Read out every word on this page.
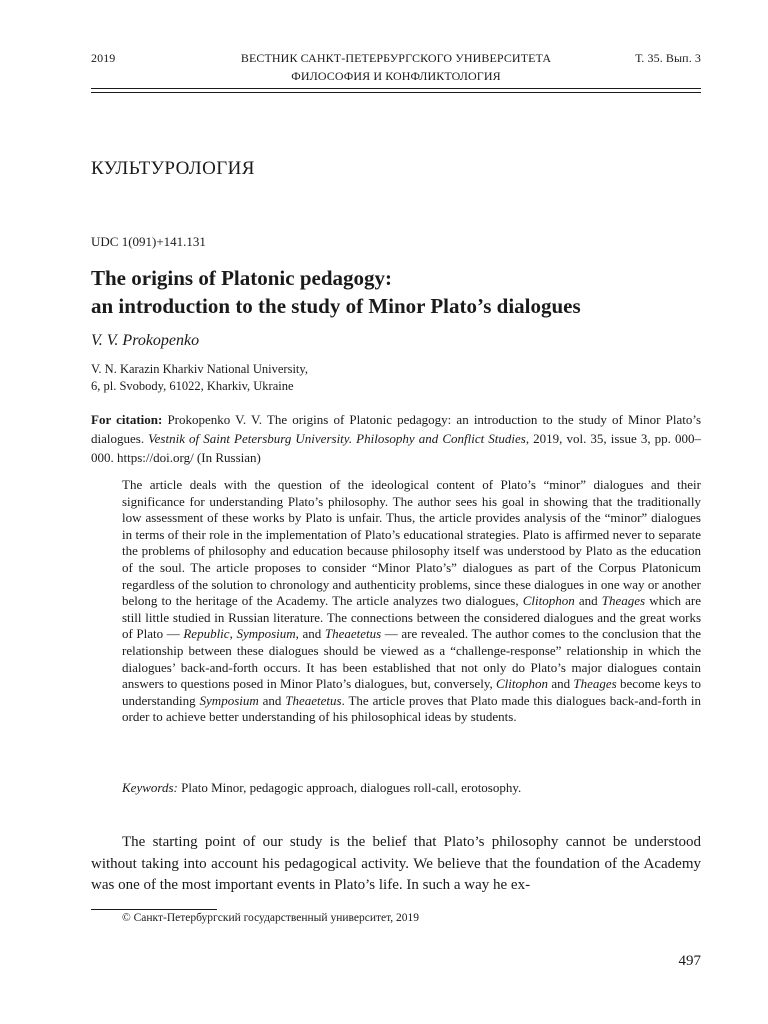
2019	ВЕСТНИК САНКТ-ПЕТЕРБУРГСКОГО УНИВЕРСИТЕТА	Т. 35. Вып. 3
ФИЛОСОФИЯ И КОНФЛИКТОЛОГИЯ
КУЛЬТУРОЛОГИЯ
UDC 1(091)+141.131
The origins of Platonic pedagogy:
an introduction to the study of Minor Plato’s dialogues
V. V. Prokopenko
V. N. Karazin Kharkiv National University,
6, pl. Svobody, 61022, Kharkiv, Ukraine
For citation: Prokopenko V. V. The origins of Platonic pedagogy: an introduction to the study of Minor Plato’s dialogues. Vestnik of Saint Petersburg University. Philosophy and Conflict Studies, 2019, vol. 35, issue 3, pp. 000–000. https://doi.org/ (In Russian)
The article deals with the question of the ideological content of Plato’s “minor” dialogues and their significance for understanding Plato’s philosophy. The author sees his goal in showing that the traditionally low assessment of these works by Plato is unfair. Thus, the article provides analysis of the “minor” dialogues in terms of their role in the implementation of Plato’s educational strategies. Plato is affirmed never to separate the problems of philosophy and education because philosophy itself was understood by Plato as the education of the soul. The article proposes to consider “Minor Plato’s” dialogues as part of the Corpus Platonicum regardless of the solution to chronology and authenticity problems, since these dialogues in one way or another belong to the heritage of the Academy. The article analyzes two dialogues, Clitophon and Theages which are still little studied in Russian literature. The connections between the considered dialogues and the great works of Plato — Republic, Symposium, and Theaetetus — are revealed. The author comes to the conclusion that the relationship between these dialogues should be viewed as a “challenge-response” relationship in which the dialogues’ back-and-forth occurs. It has been established that not only do Plato’s major dialogues contain answers to questions posed in Minor Plato’s dialogues, but, conversely, Clitophon and Theages become keys to understanding Symposium and Theaetetus. The article proves that Plato made this dialogues back-and-forth in order to achieve better understanding of his philosophical ideas by students.
Keywords: Plato Minor, pedagogic approach, dialogues roll-call, erotosophy.
The starting point of our study is the belief that Plato’s philosophy cannot be understood without taking into account his pedagogical activity. We believe that the foundation of the Academy was one of the most important events in Plato’s life. In such a way he ex-
© Санкт-Петербургский государственный университет, 2019
497
